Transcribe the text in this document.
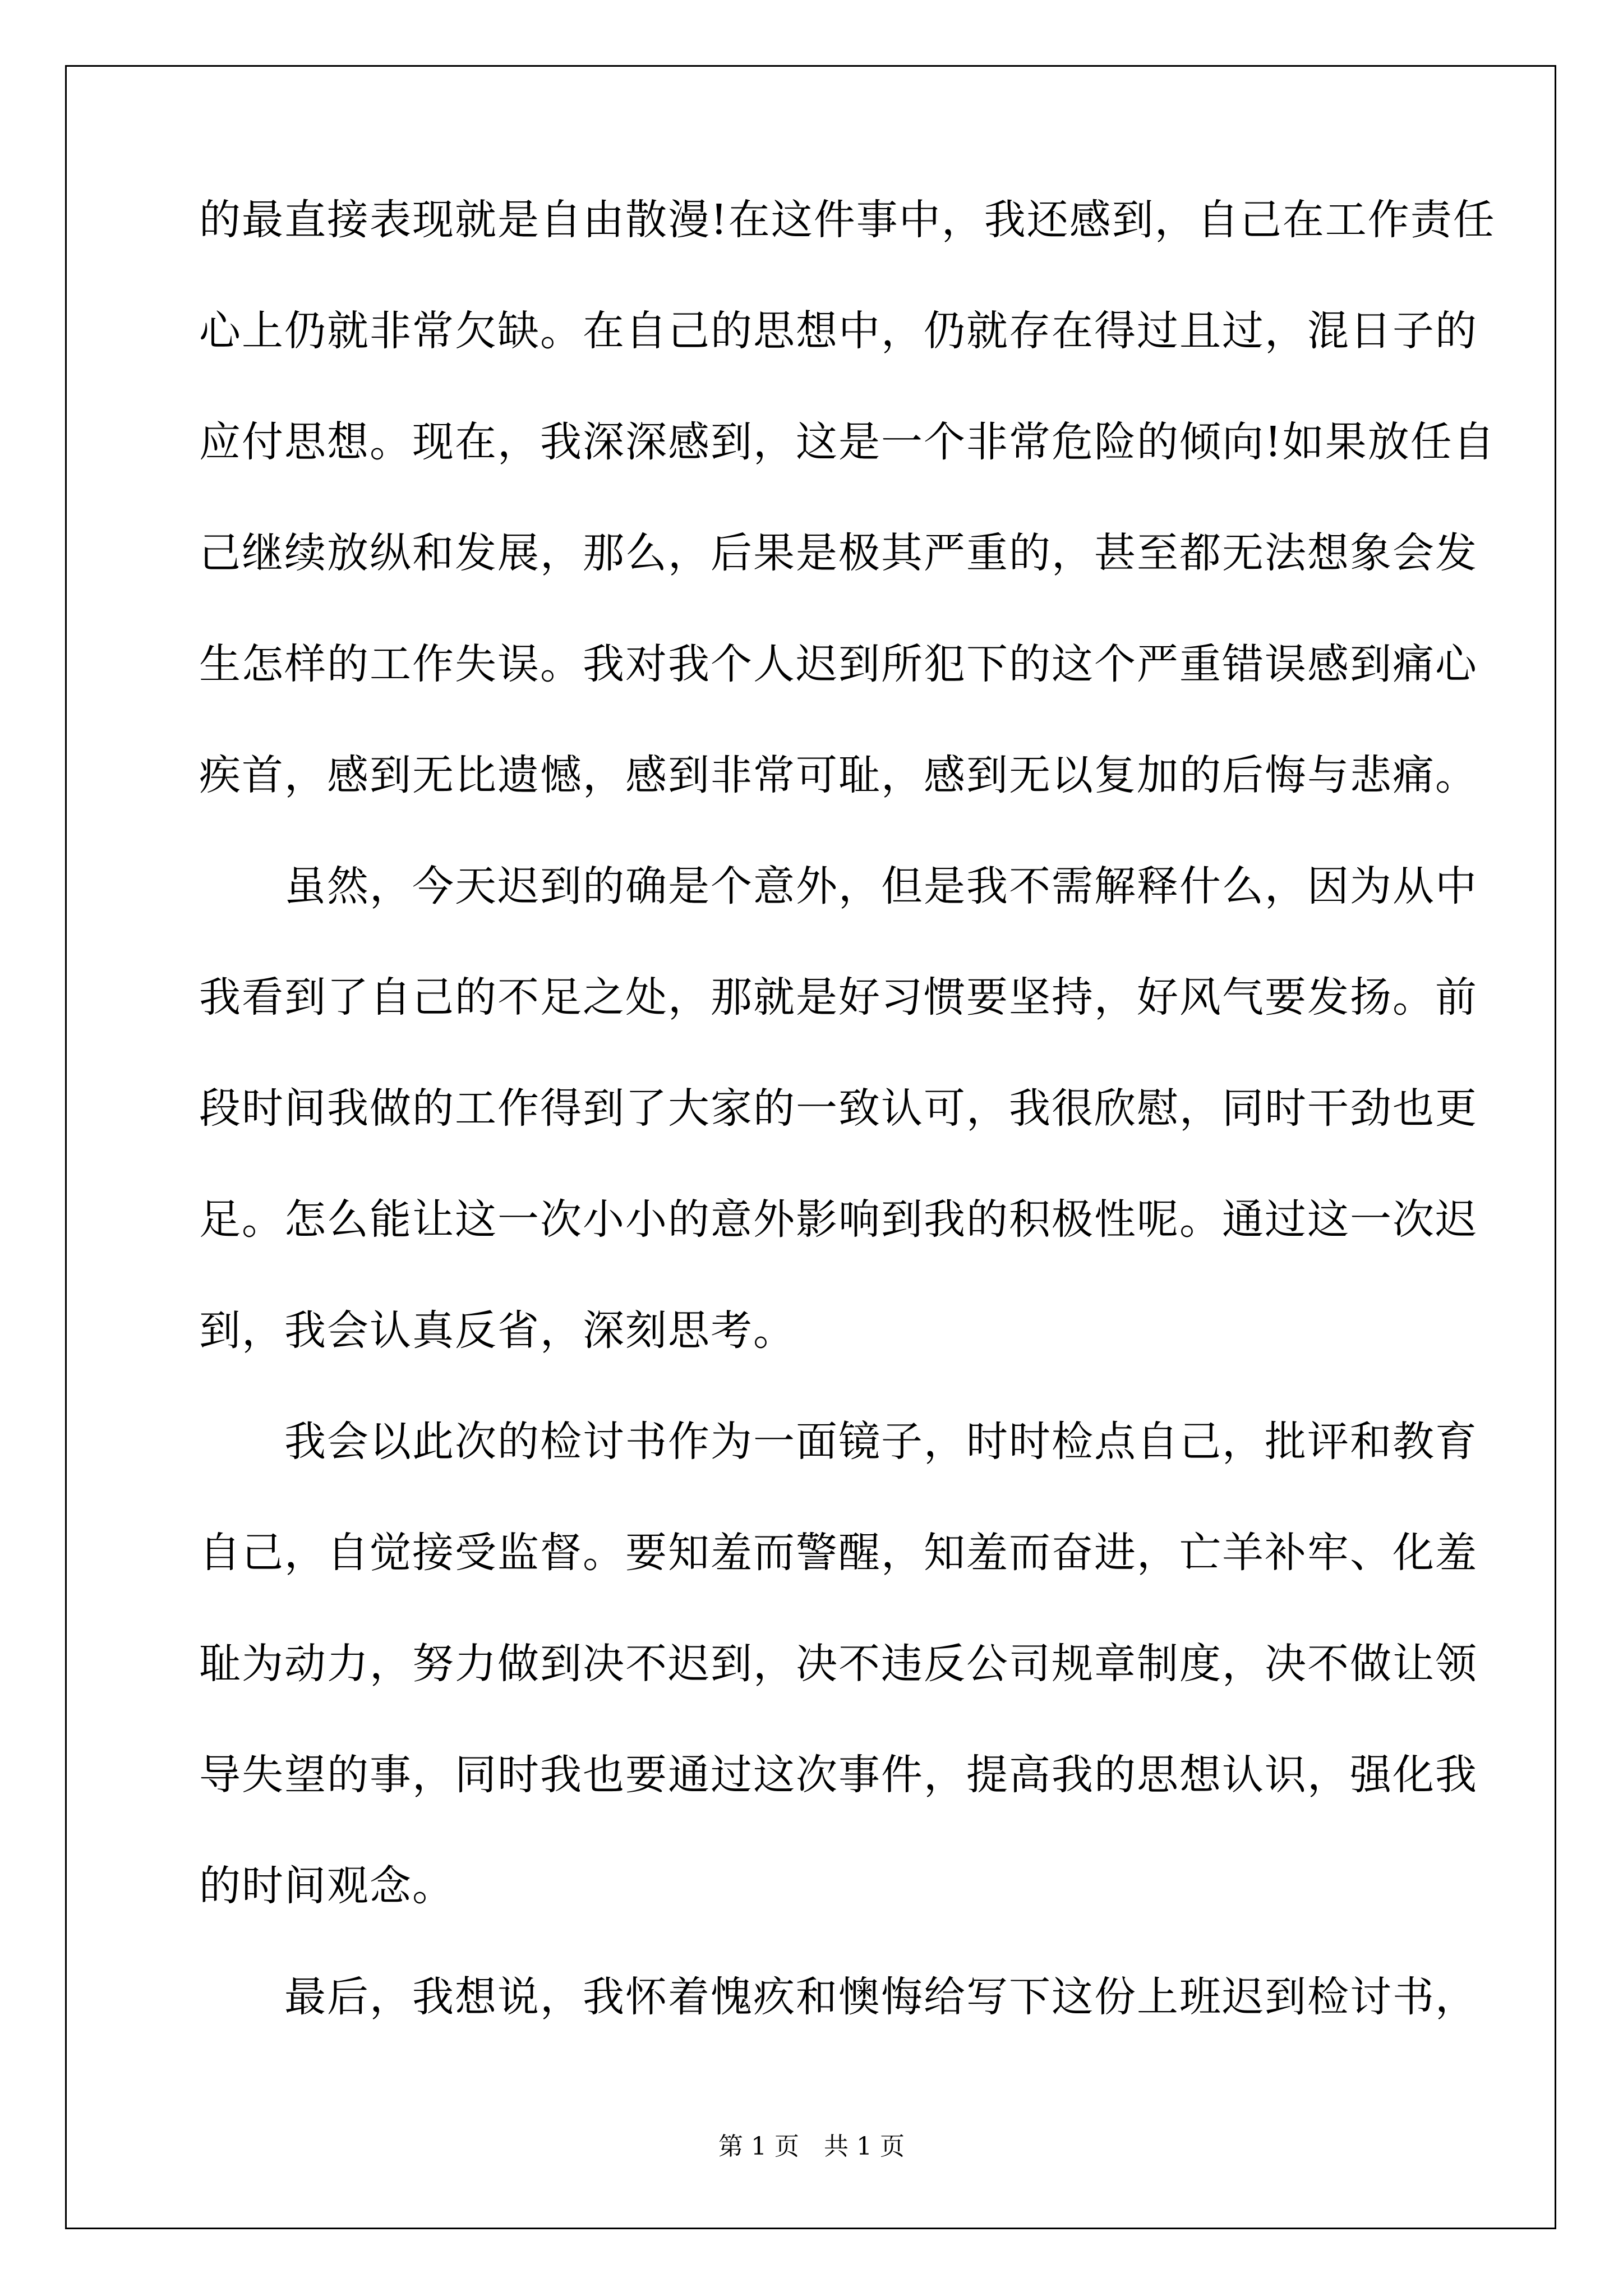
的最直接表现就是自由散漫!在这件事中，我还感到，自己在工作责任
心上仍就非常欠缺。在自己的思想中，仍就存在得过且过，混日子的
应付思想。现在，我深深感到，这是一个非常危险的倾向!如果放任自
己继续放纵和发展，那么，后果是极其严重的，甚至都无法想象会发
生怎样的工作失误。我对我个人迟到所犯下的这个严重错误感到痛心
疾首，感到无比遗憾，感到非常可耻，感到无以复加的后悔与悲痛。
　　虽然，今天迟到的确是个意外，但是我不需解释什么，因为从中
我看到了自己的不足之处，那就是好习惯要坚持，好风气要发扬。前
段时间我做的工作得到了大家的一致认可，我很欣慰，同时干劲也更
足。怎么能让这一次小小的意外影响到我的积极性呢。通过这一次迟
到，我会认真反省，深刻思考。
　　我会以此次的检讨书作为一面镜子，时时检点自己，批评和教育
自己，自觉接受监督。要知羞而警醒，知羞而奋进，亡羊补牢、化羞
耻为动力，努力做到决不迟到，决不违反公司规章制度，决不做让领
导失望的事，同时我也要通过这次事件，提高我的思想认识，强化我
的时间观念。
　　最后，我想说，我怀着愧疚和懊悔给写下这份上班迟到检讨书，
第 1 页　共 1 页
